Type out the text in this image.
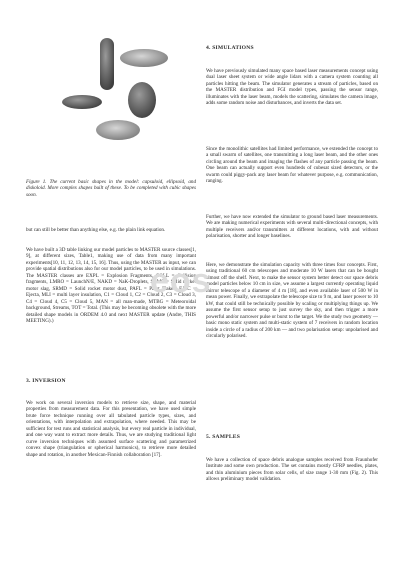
Figure 1. The current basic shapes in the model: capsuloid, ellipsoid, and diskoloid. More complex shapes built of these. To be completed with cubic shapes soon.

but can still be better than anything else, e.g. the plain link equation.

We have built a 3D table linking our model particles to MASTER source classes[1, 9], at different sizes, Table1, making use of data from many important experiments[10, 11, 12, 13, 14, 15, 16]. Thus, using the MASTER as input, we can provide spatial distributions also for our model particles, to be used in simulations. The MASTER classes are EXPL = Explosion Fragments, COLL = Collision fragments, LMRO = LaunchN/E, NAKD = NaK-Droplets, SRMS = Solid rocket motor slag, SRMD = Solid rocket motor dust, PAFL = Paint Flakes, EJEC = Ejecta, MLI = multi layer insulation, C1 = Cloud 1, C2 = Cloud 2, C3 = Cloud 3, C4 = Cloud 4, C5 = Cloud 5, MAN = all man-made, MTBG = Meteoroidal background, Streams, TOT = Total. (This may be becoming obsolete with the more detailed shape models in ORDEM 4.0 and next MASTER update (Andre, THIS MEETING).)

3. INVERSION

We work on several inversion models to retrieve size, shape, and material properties from measurement data. For this presentation, we have used simple brute force technique running over all tabulated particle types, sizes, and orientations, with interpolation and extrapolation, where needed. This may be sufficient for test runs and statistical analysis, but every real particle in individual, and one way want to extract more details. Thus, we are studying traditional light curve inversion techniques with assumed surface scattering and parametrized convex shape (triangulation or spherical harmonics), to retrieve more detailed shape and rotation, in another Mexican-Finnish collaboration [17].

4. SIMULATIONS

We have previously simulated many space based laser measurements concept using dual laser sheet system or wide angle lidars with a camera system counting all particles hitting the beam. The simulator generates a stream of particles, based on the MASTER distribution and FGI model types, passing the sensor range, illuminates with the laser beam, models the scattering, simulates the camera image, adds some random noise and disturbances, and inverts the data set.

Since the monolithic satellites had limited performance, we extended the concept to a small swarm of satellites, one transmitting a long laser beam, and the other ones circling around the beam and imaging the flashes of any particle passing the beam. One beam can actually support even hundreds of cubesat sized detectors, or the swarm could piggy-pack any laser beam for whatever purpose, e.g. communication, ranging.

Further, we have now extended the simulator to ground based laser measurements. We are making numerical experiments with several multi-directional concepts, with multiple receivers and/or transmitters at different locations, with and without polarisation, shorter and longer baselines.

Here, we demonstrate the simulation capacity with three times four concepts. First, using traditional 60 cm telescopes and moderate 10 W lasers that can be bought almost off the shelf. Next, to make the sensor system better detect our space debris model particles below 10 cm in size, we assume a largest currently operating liquid mirror telescope of a diameter of 4 m [18], and even available laser of 500 W in mean power. Finally, we extrapolate the telescope size to 9 m, and laser power to 10 kW, that could still be technically possible by scaling or multiplying things up. We assume the first sensor setup to just survey the sky, and then trigger a more powerful and/or narrower pulse or burst to the target. We the study two geometry — basic mono static system and multi-static system of 7 receivers in random location inside a circle of a radius of 200 km — and two polarisation setup: unpolarised and circularly polarised.

5. SAMPLES

We have a collection of space debris analogue samples received from Fraunhofer Institute and some own production. The set contains mostly CFRP needles, plates, and thin aluminium pieces from solar cells, of size range 1-30 mm (Fig. 2). This allows preliminary model validation.

eos
